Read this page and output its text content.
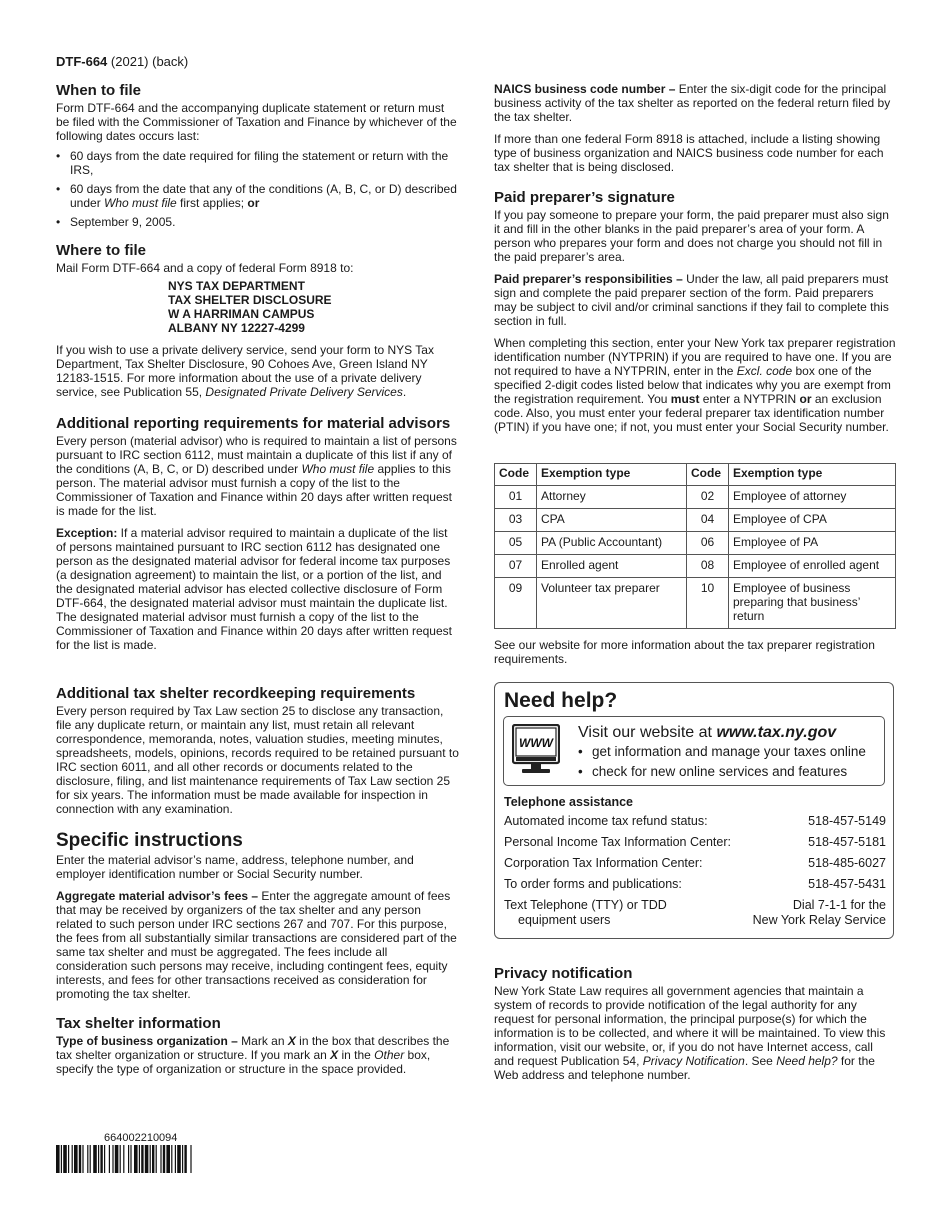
DTF-664 (2021) (back)
When to file

Form DTF-664 and the accompanying duplicate statement or return must be filed with the Commissioner of Taxation and Finance by whichever of the following dates occurs last:

• 60 days from the date required for filing the statement or return with the IRS,
• 60 days from the date that any of the conditions (A, B, C, or D) described under Who must file first applies; or
• September 9, 2005.
Where to file

Mail Form DTF-664 and a copy of federal Form 8918 to:

NYS TAX DEPARTMENT
TAX SHELTER DISCLOSURE
W A HARRIMAN CAMPUS
ALBANY NY 12227-4299

If you wish to use a private delivery service, send your form to NYS Tax Department, Tax Shelter Disclosure, 90 Cohoes Ave, Green Island NY 12183-1515. For more information about the use of a private delivery service, see Publication 55, Designated Private Delivery Services.

Additional reporting requirements for material advisors

Every person (material advisor) who is required to maintain a list of persons pursuant to IRC section 6112, must maintain a duplicate of this list if any of the conditions (A, B, C, or D) described under Who must file applies to this person. The material advisor must furnish a copy of the list to the Commissioner of Taxation and Finance within 20 days after written request is made for the list.

Exception: If a material advisor required to maintain a duplicate of the list of persons maintained pursuant to IRC section 6112 has designated one person as the designated material advisor for federal income tax purposes (a designation agreement) to maintain the list, or a portion of the list, and the designated material advisor has elected collective disclosure of Form DTF-664, the designated material advisor must maintain the duplicate list. The designated material advisor must furnish a copy of the list to the Commissioner of Taxation and Finance within 20 days after written request for the list is made.

Additional tax shelter recordkeeping requirements

Every person required by Tax Law section 25 to disclose any transaction, file any duplicate return, or maintain any list, must retain all relevant correspondence, memoranda, notes, valuation studies, meeting minutes, spreadsheets, models, opinions, records required to be retained pursuant to IRC section 6011, and all other records or documents related to the disclosure, filing, and list maintenance requirements of Tax Law section 25 for six years. The information must be made available for inspection in connection with any examination.

Specific instructions

Enter the material advisor’s name, address, telephone number, and employer identification number or Social Security number.

Aggregate material advisor’s fees – Enter the aggregate amount of fees that may be received by organizers of the tax shelter and any person related to such person under IRC sections 267 and 707. For this purpose, the fees from all substantially similar transactions are considered part of the same tax shelter and must be aggregated. The fees include all consideration such persons may receive, including contingent fees, equity interests, and fees for other transactions received as consideration for promoting the tax shelter.

Tax shelter information

Type of business organization – Mark an X in the box that describes the tax shelter organization or structure. If you mark an X in the Other box, specify the type of organization or structure in the space provided.

NAICS business code number – Enter the six-digit code for the principal business activity of the tax shelter as reported on the federal return filed by the tax shelter.

If more than one federal Form 8918 is attached, include a listing showing type of business organization and NAICS business code number for each tax shelter that is being disclosed.

Paid preparer’s signature

If you pay someone to prepare your form, the paid preparer must also sign it and fill in the other blanks in the paid preparer’s area of your form. A person who prepares your form and does not charge you should not fill in the paid preparer’s area.

Paid preparer’s responsibilities – Under the law, all paid preparers must sign and complete the paid preparer section of the form. Paid preparers may be subject to civil and/or criminal sanctions if they fail to complete this section in full.

When completing this section, enter your New York tax preparer registration identification number (NYTPRIN) if you are required to have one. If you are not required to have a NYTPRIN, enter in the Excl. code box one of the specified 2-digit codes listed below that indicates why you are exempt from the registration requirement. You must enter a NYTPRIN or an exclusion code. Also, you must enter your federal preparer tax identification number (PTIN) if you have one; if not, you must enter your Social Security number.

Code	Exemption type	Code	Exemption type
01	Attorney	02	Employee of attorney
03	CPA	04	Employee of CPA
05	PA (Public Accountant)	06	Employee of PA
07	Enrolled agent	08	Employee of enrolled agent
09	Volunteer tax preparer	10	Employee of business preparing that business’ return
See our website for more information about the tax preparer registration requirements.
Need help?
WWW
Visit our website at www.tax.ny.gov
• get information and manage your taxes online
• check for new online services and features
Telephone assistance
Automated income tax refund status:	518-457-5149
Personal Income Tax Information Center:	518-457-5181
Corporation Tax Information Center:	518-485-6027
To order forms and publications:	518-457-5431
Text Telephone (TTY) or TDD
equipment users
Dial 7-1-1 for the
New York Relay Service
Privacy notification

New York State Law requires all government agencies that maintain a system of records to provide notification of the legal authority for any request for personal information, the principal purpose(s) for which the information is to be collected, and where it will be maintained. To view this information, visit our website, or, if you do not have Internet access, call and request Publication 54, Privacy Notification. See Need help? for the Web address and telephone number.

664002210094
